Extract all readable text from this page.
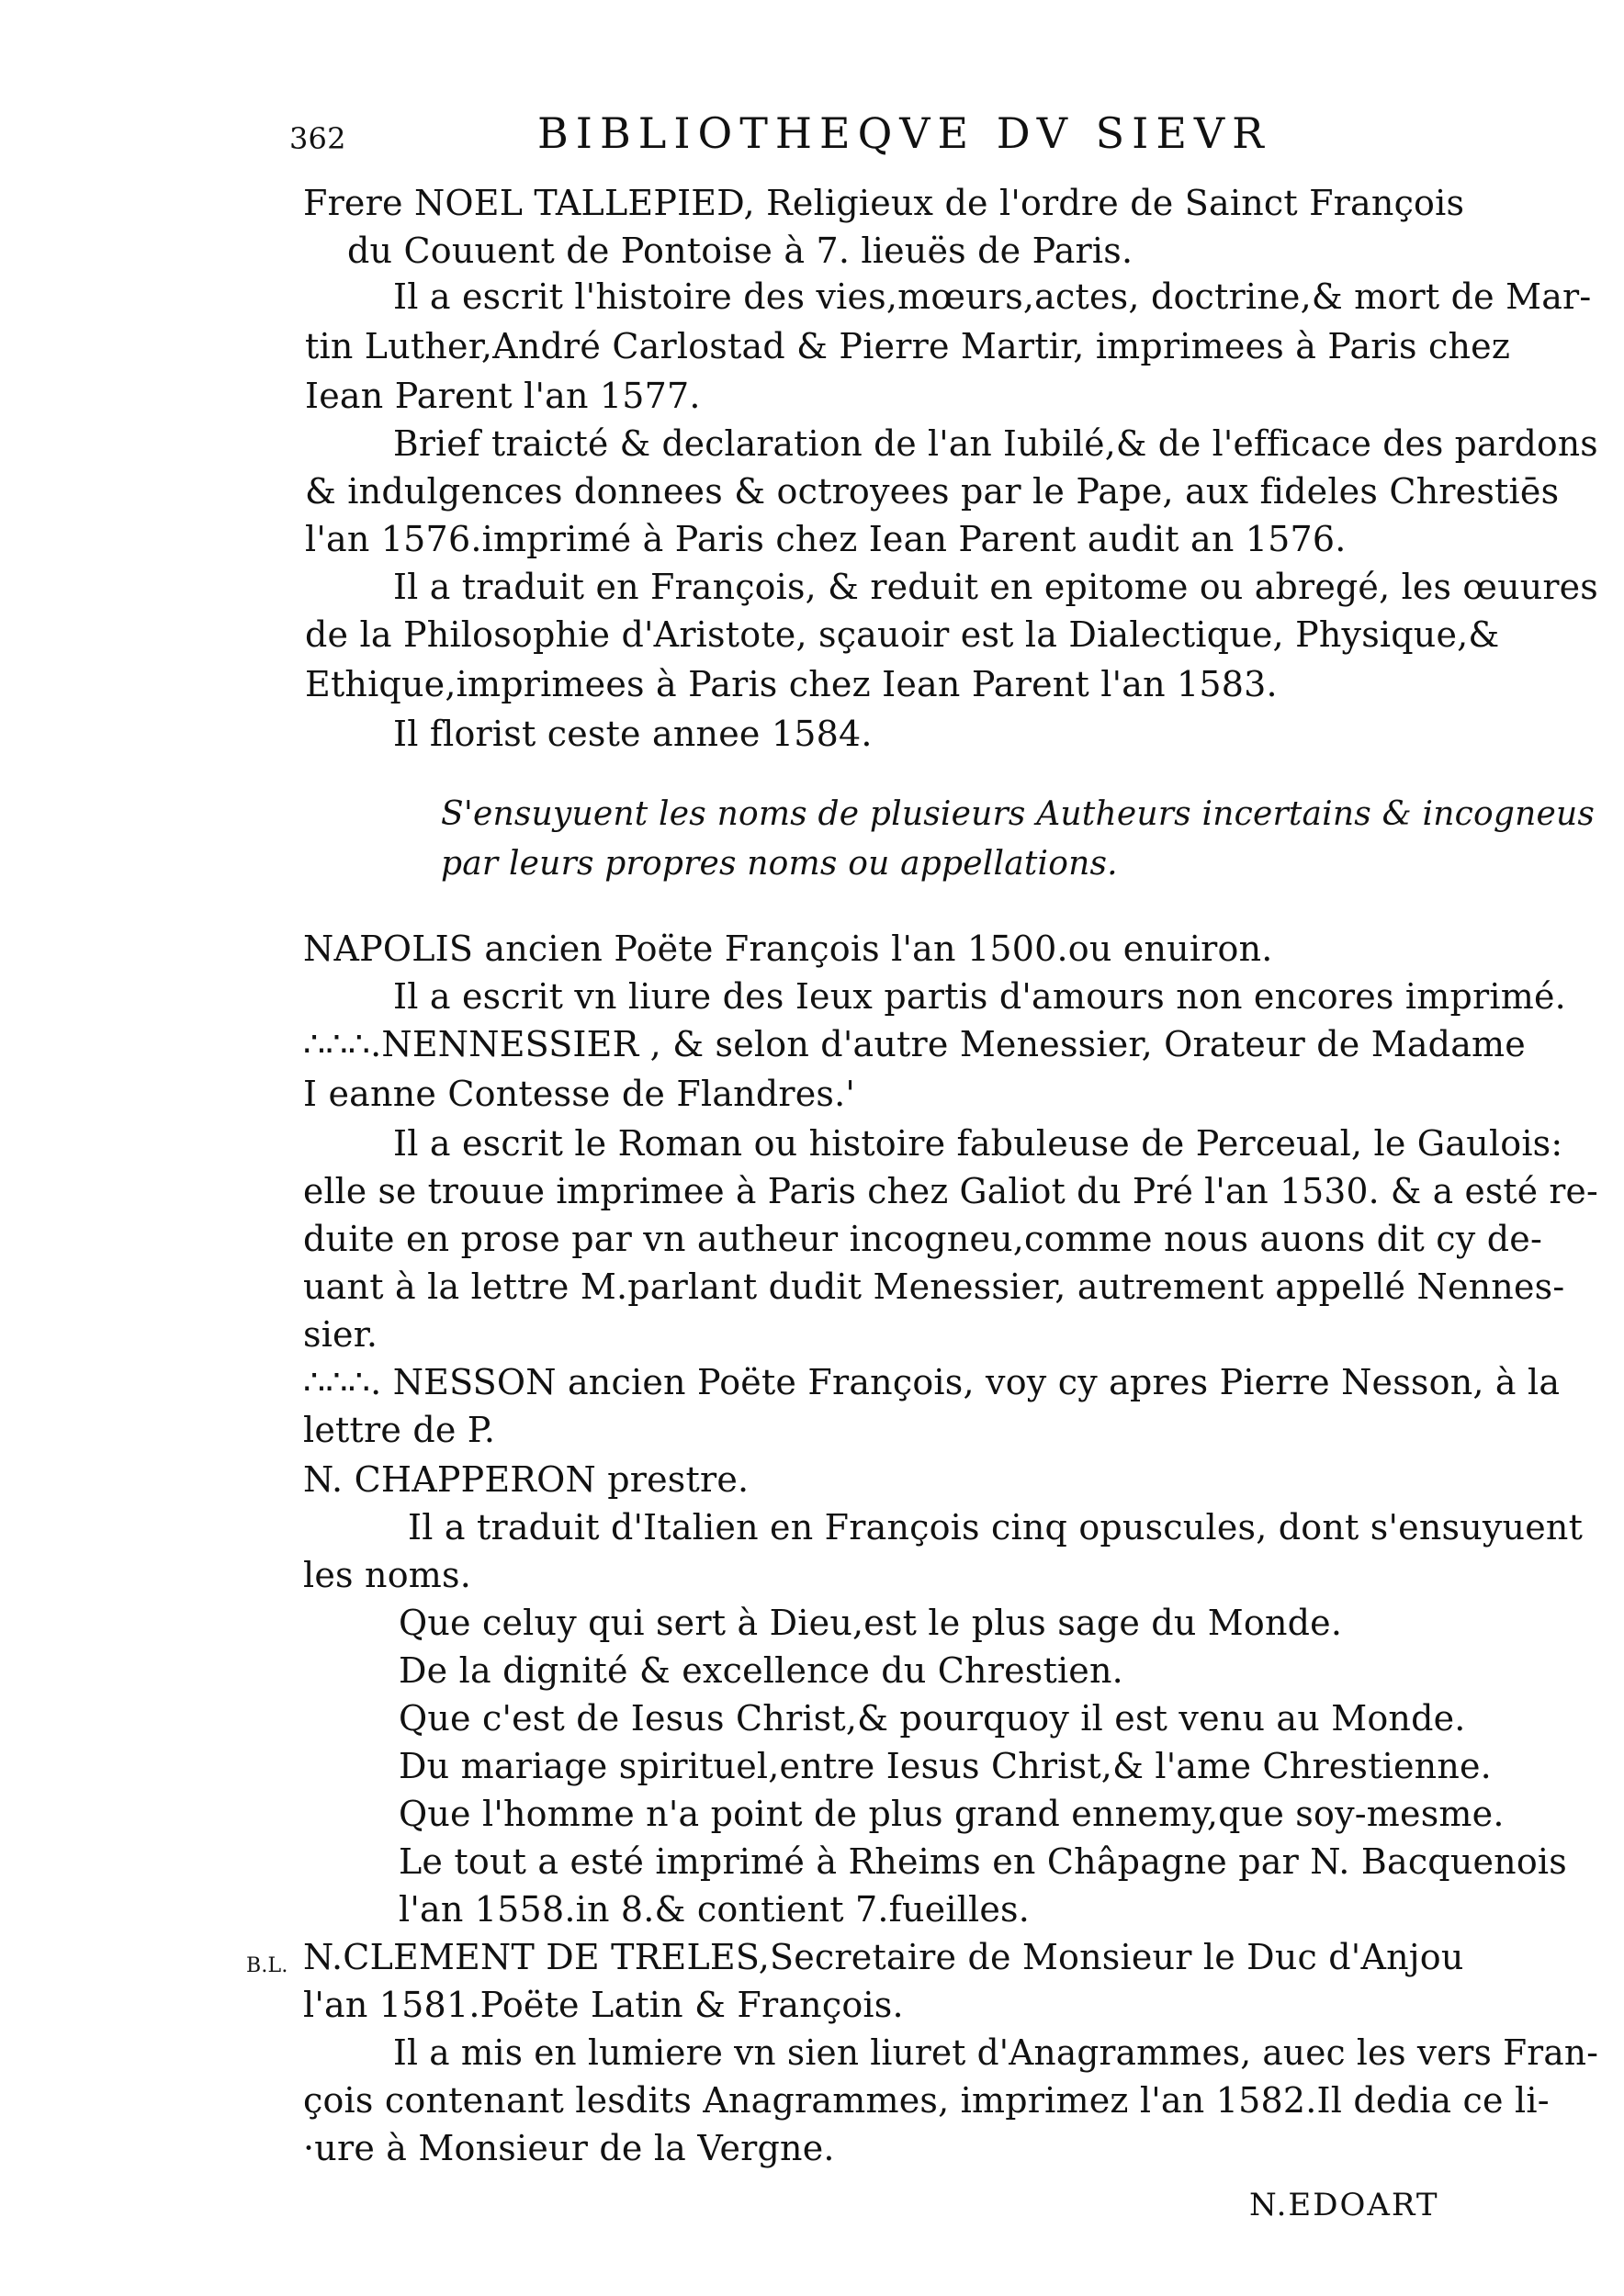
362	BIBLIOTHEQVE DV SIEVR
Frere NOEL TALLEPIED, Religieux de l'ordre de Sainct François
du Couuent de Pontoise à 7. lieuës de Paris.
Il a escrit l'histoire des vies,mœurs,actes, doctrine,& mort de Mar-
tin Luther,André Carlostad & Pierre Martir, imprimees à Paris chez
Iean Parent l'an 1577.
Brief traicté & declaration de l'an Iubilé,& de l'efficace des pardons
& indulgences donnees & octroyees par le Pape, aux fideles Chrestiēs
l'an 1576.imprimé à Paris chez Iean Parent audit an 1576.
Il a traduit en François, & reduit en epitome ou abregé, les œuures
de la Philosophie d'Aristote, sçauoir est la Dialectique, Physique,&
Ethique,imprimees à Paris chez Iean Parent l'an 1583.
Il florist ceste annee 1584.
S'ensuyuent les noms de plusieurs Autheurs incertains & incogneus
par leurs propres noms ou appellations.
NAPOLIS ancien Poëte François l'an 1500.ou enuiron.
Il a escrit vn liure des Ieux partis d'amours non encores imprimé.
∴∴∴.NENNESSIER , & selon d'autre Menessier, Orateur de Madame
I eanne Contesse de Flandres.'
Il a escrit le Roman ou histoire fabuleuse de Perceual, le Gaulois:
elle se trouue imprimee à Paris chez Galiot du Pré l'an 1530. & a esté re-
duite en prose par vn autheur incogneu,comme nous auons dit cy de-
uant à la lettre M.parlant dudit Menessier, autrement appellé Nennes-
sier.
∴∴∴. NESSON ancien Poëte François, voy cy apres Pierre Nesson, à la
lettre de P.
N. CHAPPERON prestre.
Il a traduit d'Italien en François cinq opuscules, dont s'ensuyuent
les noms.
Que celuy qui sert à Dieu,est le plus sage du Monde.
De la dignité & excellence du Chrestien.
Que c'est de Iesus Christ,& pourquoy il est venu au Monde.
Du mariage spirituel,entre Iesus Christ,& l'ame Chrestienne.
Que l'homme n'a point de plus grand ennemy,que soy-mesme.
Le tout a esté imprimé à Rheims en Châpagne par N. Bacquenois
l'an 1558.in 8.& contient 7.fueilles.
B.L. N.CLEMENT DE TRELES,Secretaire de Monsieur le Duc d'Anjou
l'an 1581.Poëte Latin & François.
Il a mis en lumiere vn sien liuret d'Anagrammes, auec les vers Fran-
çois contenant lesdits Anagrammes, imprimez l'an 1582.Il dedia ce li-
·ure à Monsieur de la Vergne.
N.EDOART
